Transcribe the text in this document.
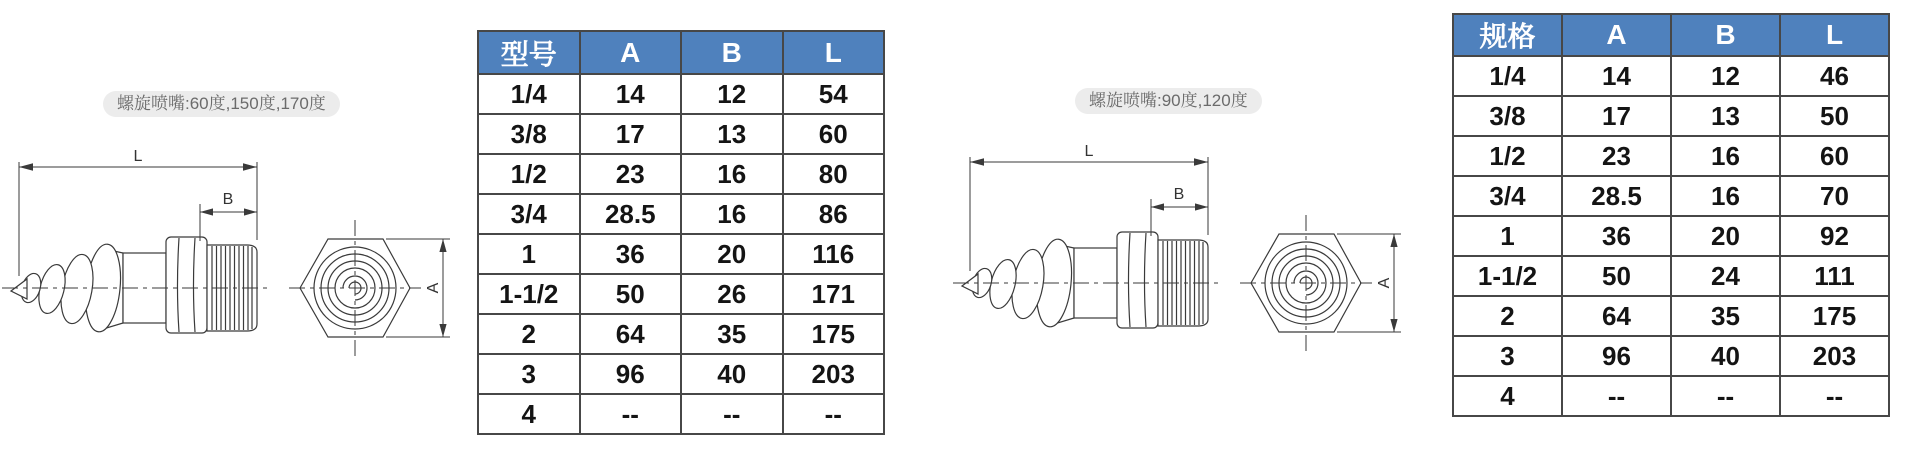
螺旋喷嘴:60度,150度,170度	螺旋喷嘴:90度,120度
L
B
A
L
B
A
型号	A	B	L
1/4	14	12	54
3/8	17	13	60
1/2	23	16	80
3/4	28.5	16	86
1	36	20	116
1-1/2	50	26	171
2	64	35	175
3	96	40	203
4	--	--	--
规格	A	B	L
1/4	14	12	46
3/8	17	13	50
1/2	23	16	60
3/4	28.5	16	70
1	36	20	92
1-1/2	50	24	111
2	64	35	175
3	96	40	203
4	--	--	--
